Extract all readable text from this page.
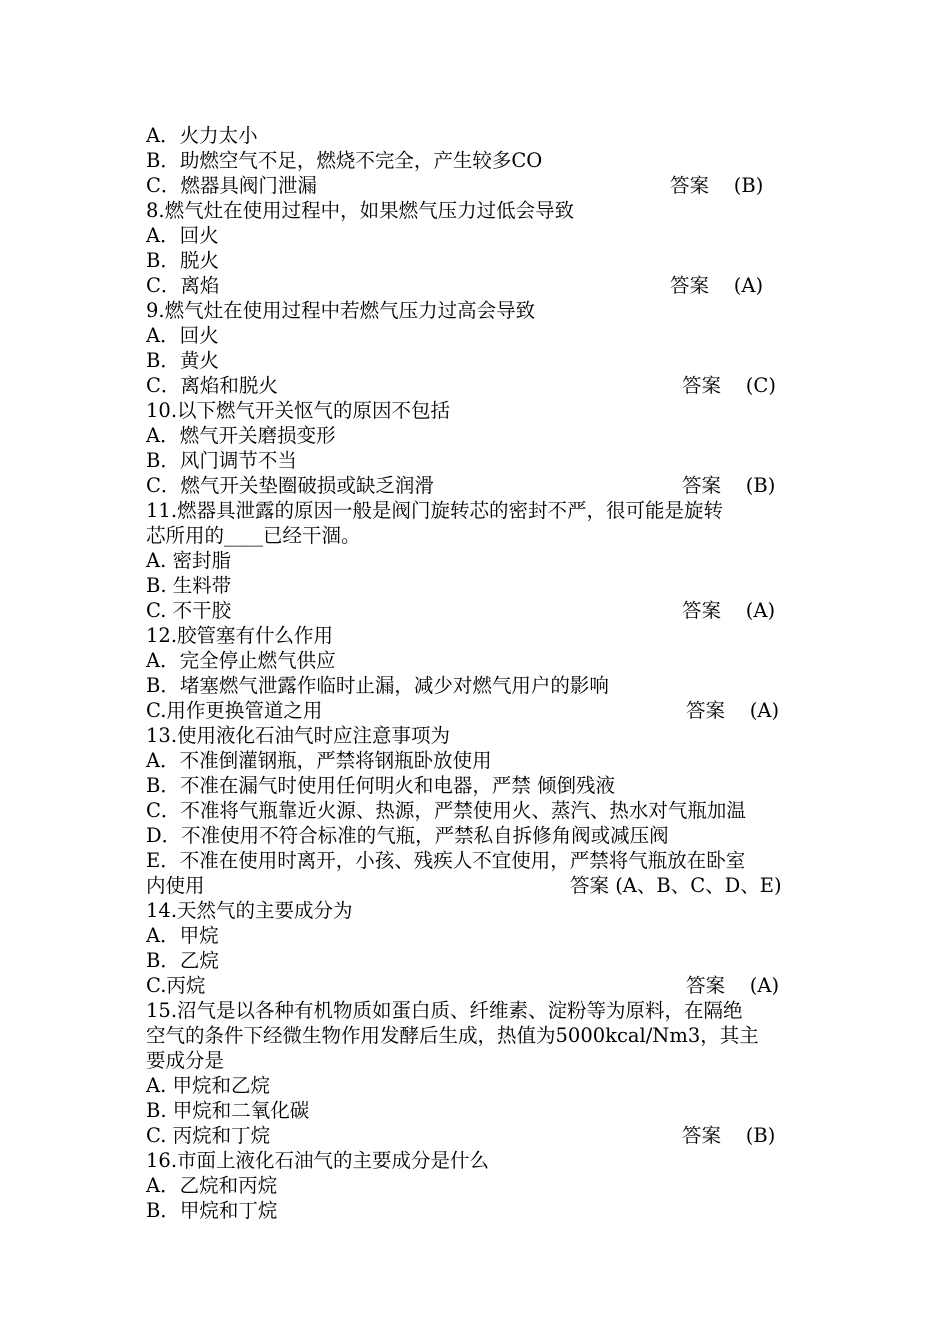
A．火力太小
B．助燃空气不足，燃烧不完全，产生较多CO
C．燃器具阀门泄漏	答案    (B)
8.燃气灶在使用过程中，如果燃气压力过低会导致
A．回火
B．脱火
C．离焰	答案    (A)
9.燃气灶在使用过程中若燃气压力过高会导致
A．回火
B．黄火
C．离焰和脱火	答案    (C)
10.以下燃气开关怄气的原因不包括
A．燃气开关磨损变形
B．风门调节不当
C．燃气开关垫圈破损或缺乏润滑	答案    (B)
11.燃器具泄露的原因一般是阀门旋转芯的密封不严，很可能是旋转
芯所用的____已经干涸。
A. 密封脂
B. 生料带
C. 不干胶	答案    (A)
12.胶管塞有什么作用
A．完全停止燃气供应
B．堵塞燃气泄露作临时止漏，减少对燃气用户的影响
C.用作更换管道之用	答案    (A)
13.使用液化石油气时应注意事项为
A．不准倒灌钢瓶，严禁将钢瓶卧放使用
B．不准在漏气时使用任何明火和电器，严禁 倾倒残液
C．不准将气瓶靠近火源、热源，严禁使用火、蒸汽、热水对气瓶加温
D．不准使用不符合标准的气瓶，严禁私自拆修角阀或减压阀
E．不准在使用时离开，小孩、残疾人不宜使用，严禁将气瓶放在卧室
内使用	答案 (A、B、C、D、E)
14.天然气的主要成分为
A．甲烷
B．乙烷
C.丙烷	答案    (A)
15.沼气是以各种有机物质如蛋白质、纤维素、淀粉等为原料，在隔绝
空气的条件下经微生物作用发酵后生成，热值为5000kcal/Nm3，其主
要成分是
A. 甲烷和乙烷
B. 甲烷和二氧化碳
C. 丙烷和丁烷	答案    (B)
16.市面上液化石油气的主要成分是什么
A．乙烷和丙烷
B．甲烷和丁烷
